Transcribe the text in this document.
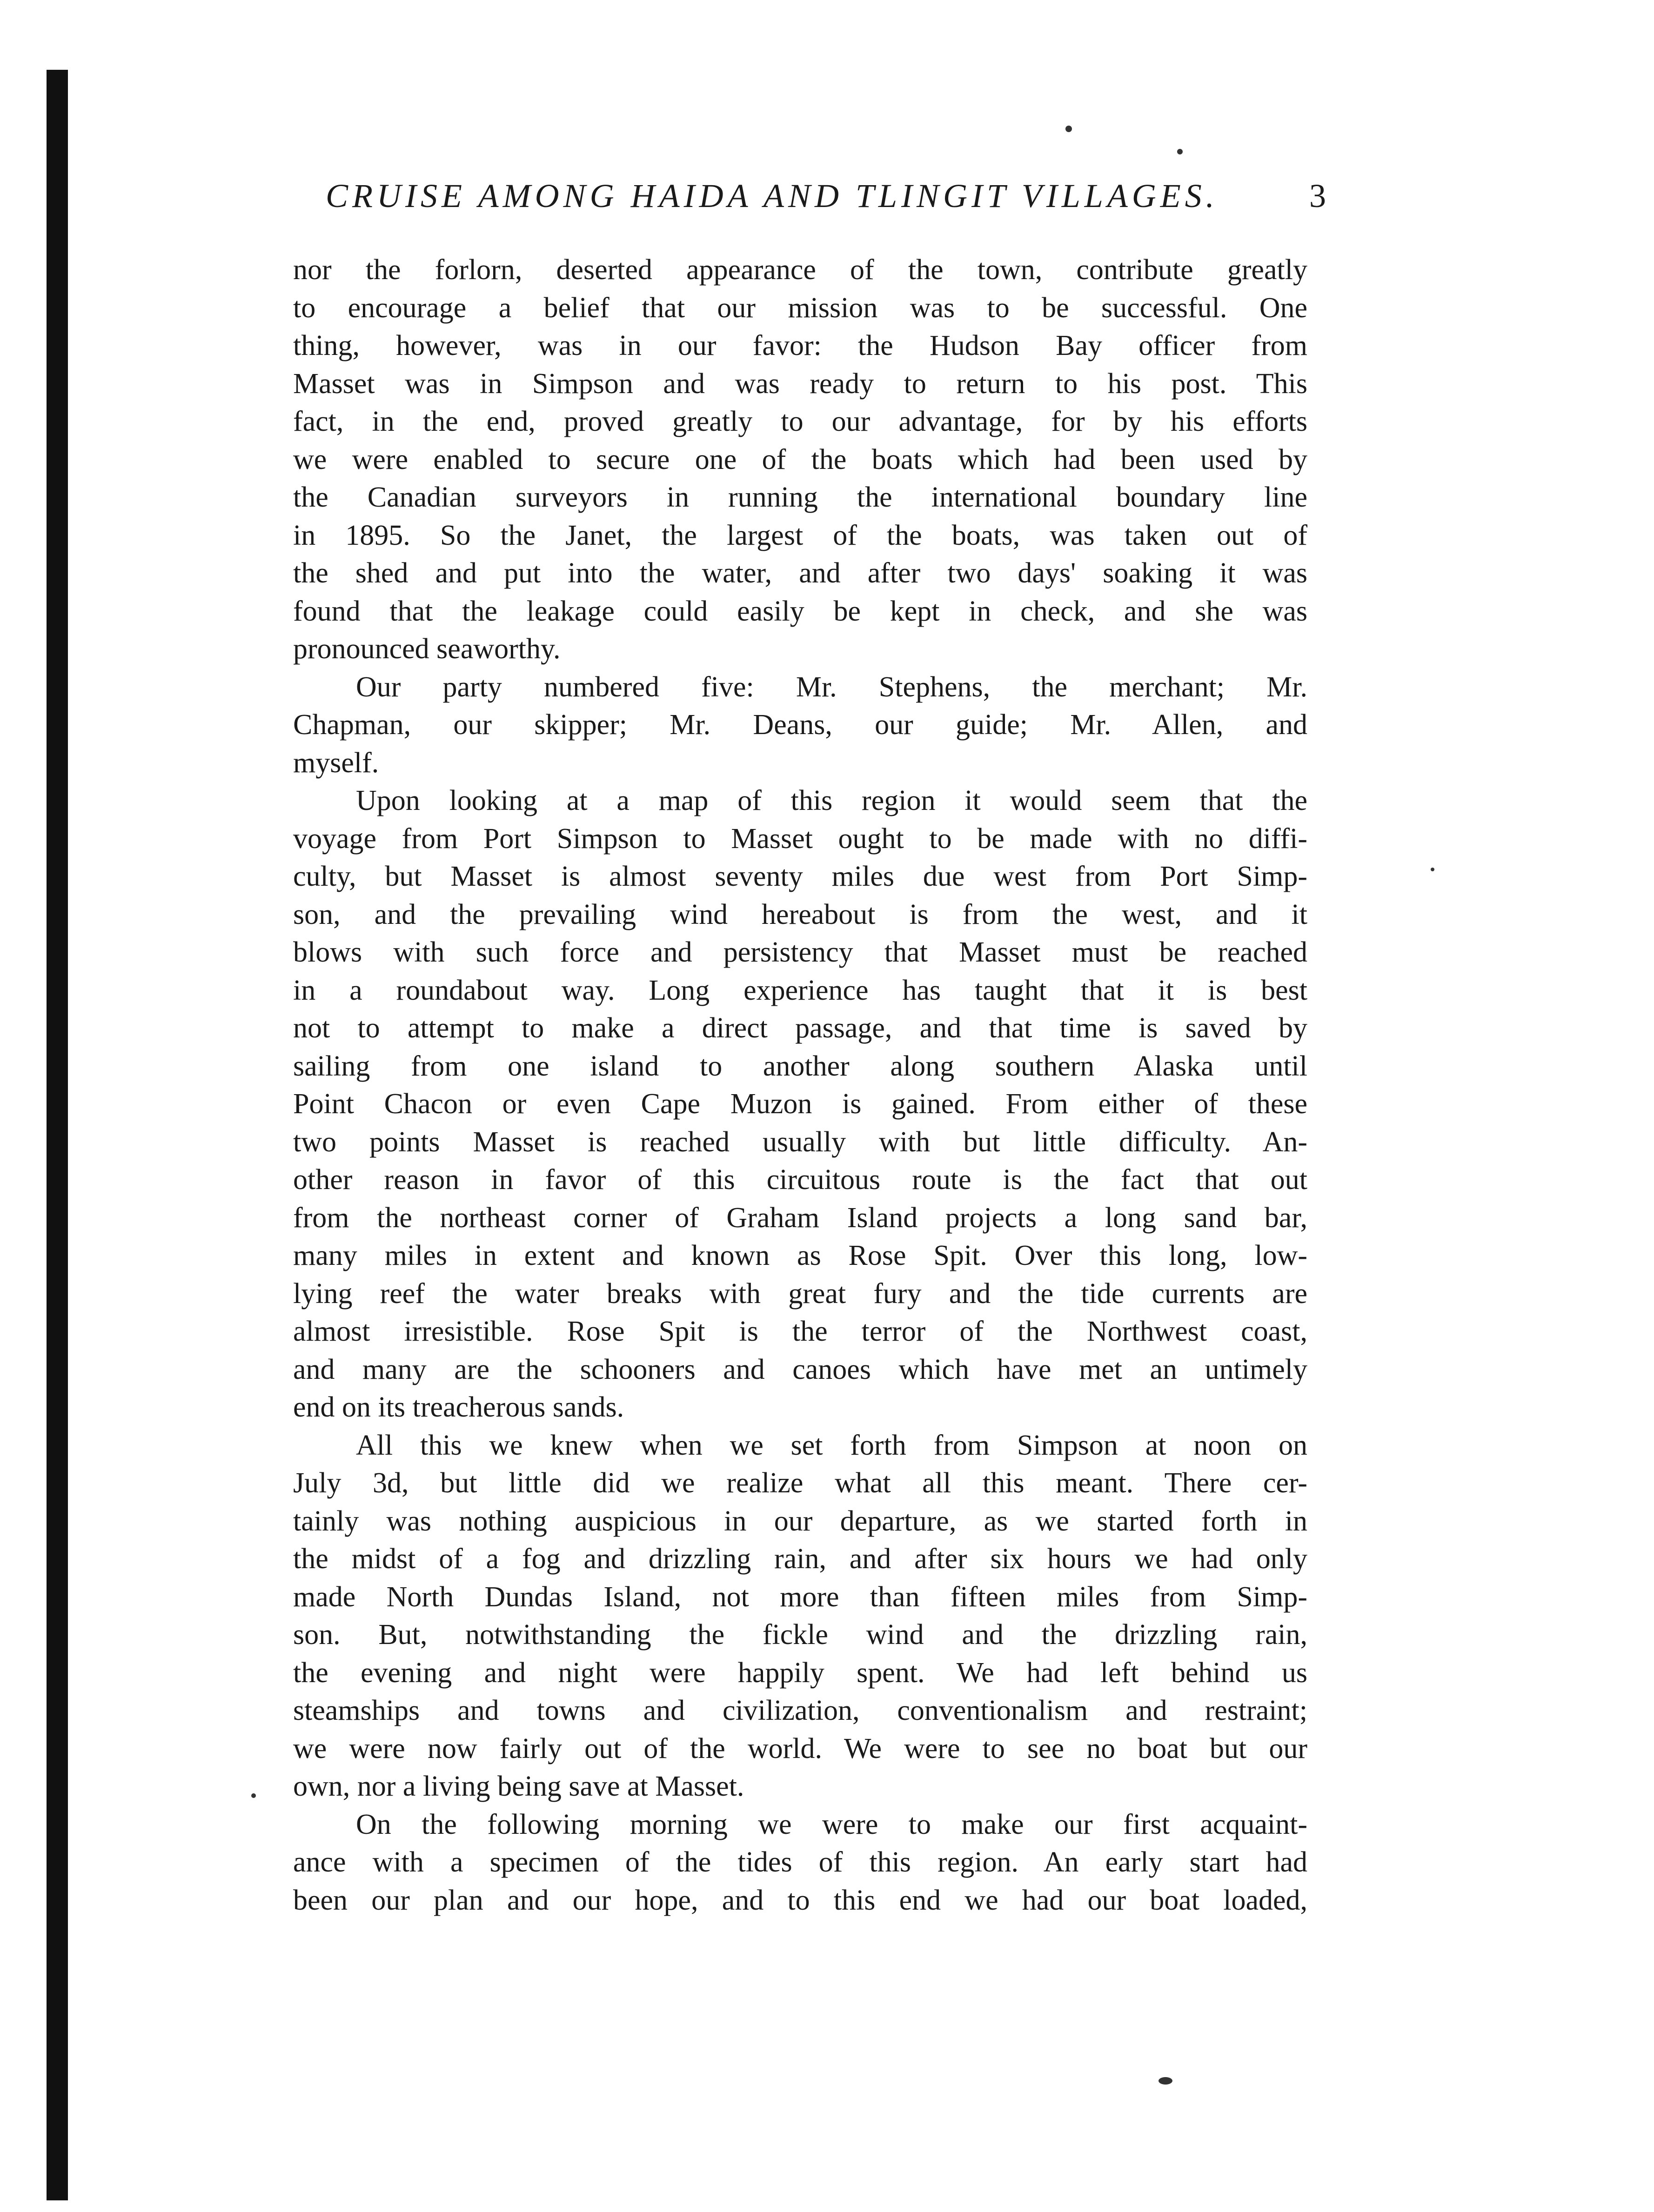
CRUISE AMONG HAIDA AND TLINGIT VILLAGES.	3
nor the forlorn, deserted appearance of the town, contribute greatly
to encourage a belief that our mission was to be successful. One
thing, however, was in our favor: the Hudson Bay officer from
Masset was in Simpson and was ready to return to his post. This
fact, in the end, proved greatly to our advantage, for by his efforts
we were enabled to secure one of the boats which had been used by
the Canadian surveyors in running the international boundary line
in 1895. So the Janet, the largest of the boats, was taken out of
the shed and put into the water, and after two days' soaking it was
found that the leakage could easily be kept in check, and she was
pronounced seaworthy.
Our party numbered five: Mr. Stephens, the merchant; Mr.
Chapman, our skipper; Mr. Deans, our guide; Mr. Allen, and
myself.
Upon looking at a map of this region it would seem that the
voyage from Port Simpson to Masset ought to be made with no diffi-
culty, but Masset is almost seventy miles due west from Port Simp-
son, and the prevailing wind hereabout is from the west, and it
blows with such force and persistency that Masset must be reached
in a roundabout way. Long experience has taught that it is best
not to attempt to make a direct passage, and that time is saved by
sailing from one island to another along southern Alaska until
Point Chacon or even Cape Muzon is gained. From either of these
two points Masset is reached usually with but little difficulty. An-
other reason in favor of this circuitous route is the fact that out
from the northeast corner of Graham Island projects a long sand bar,
many miles in extent and known as Rose Spit. Over this long, low-
lying reef the water breaks with great fury and the tide currents are
almost irresistible. Rose Spit is the terror of the Northwest coast,
and many are the schooners and canoes which have met an untimely
end on its treacherous sands.
All this we knew when we set forth from Simpson at noon on
July 3d, but little did we realize what all this meant. There cer-
tainly was nothing auspicious in our departure, as we started forth in
the midst of a fog and drizzling rain, and after six hours we had only
made North Dundas Island, not more than fifteen miles from Simp-
son. But, notwithstanding the fickle wind and the drizzling rain,
the evening and night were happily spent. We had left behind us
steamships and towns and civilization, conventionalism and restraint;
we were now fairly out of the world. We were to see no boat but our
own, nor a living being save at Masset.
On the following morning we were to make our first acquaint-
ance with a specimen of the tides of this region. An early start had
been our plan and our hope, and to this end we had our boat loaded,
